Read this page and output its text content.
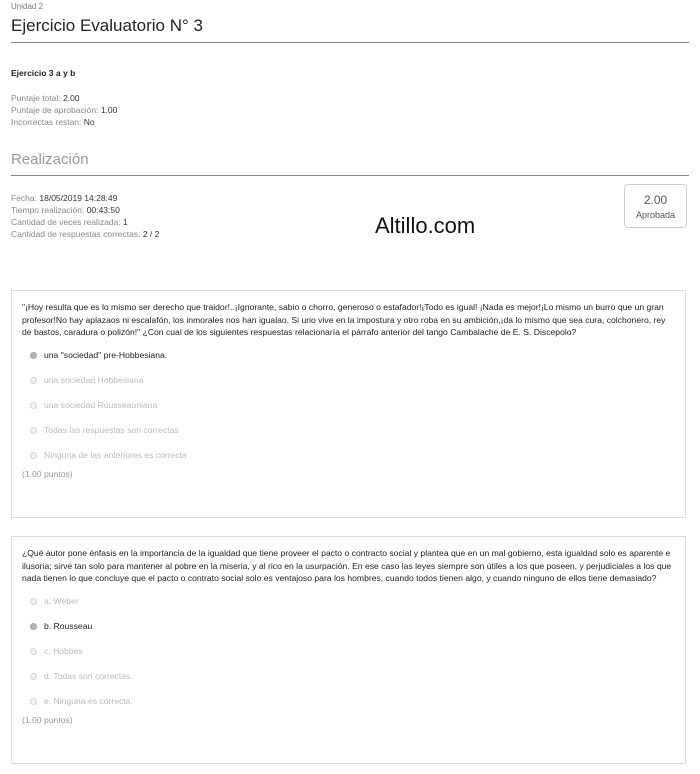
Unidad 2
Ejercicio Evaluatorio N° 3
Ejercicio 3 a y b
Puntaje total: 2.00
Puntaje de aprobación: 1.00
Incorrectas restan: No
Realización
Fecha: 18/05/2019 14:28:49
Tiempo realización: 00:43:50
Cantidad de veces realizada: 1
Cantidad de respuestas correctas: 2 / 2
2.00
Aprobada
Altillo.com

"¡Hoy resulta que es lo mismo ser derecho que traidor!..¡Ignorante, sabio o chorro, generoso o estafador!¡Todo es igual! ¡Nada es mejor!¡Lo mismo un burro que un gran profesor!No hay aplazaos ni escalafón, los inmorales nos han igualao. Si uno vive en la impostura y otro roba en su ambición,¡da lo mismo que sea cura, colchonero, rey de bastos, caradura o polizón!" ¿Con cual de los siguientes respuestas relacionaría el párrafo anterior del tango Cambalache de E. S. Discepolo?

una "sociedad" pre-Hobbesiana.
una sociedad Hobbesiana
una sociedad Rousseauniana
Todas las respuestas son correctas
Ninguna de las anteriores es correcta
(1.00 puntos)

¿Qué autor pone énfasis en la importancia de la igualdad que tiene proveer el pacto o contracto social y plantea que en un mal gobierno, esta igualdad solo es aparente e ilusoria; sirve tan solo para mantener al pobre en la miseria, y al rico en la usurpación. En ese caso las leyes siempre son útiles a los que poseen, y perjudiciales a los que nada tienen lo que concluye que el pacto o contrato social solo es ventajoso para los hombres, cuando todos tienen algo, y cuando ninguno de ellos tiene demasiado?

a. Weber
b. Rousseau
c. Hobbes
d. Todas son correctas.
e. Ninguna es correcta.
(1.00 puntos)
